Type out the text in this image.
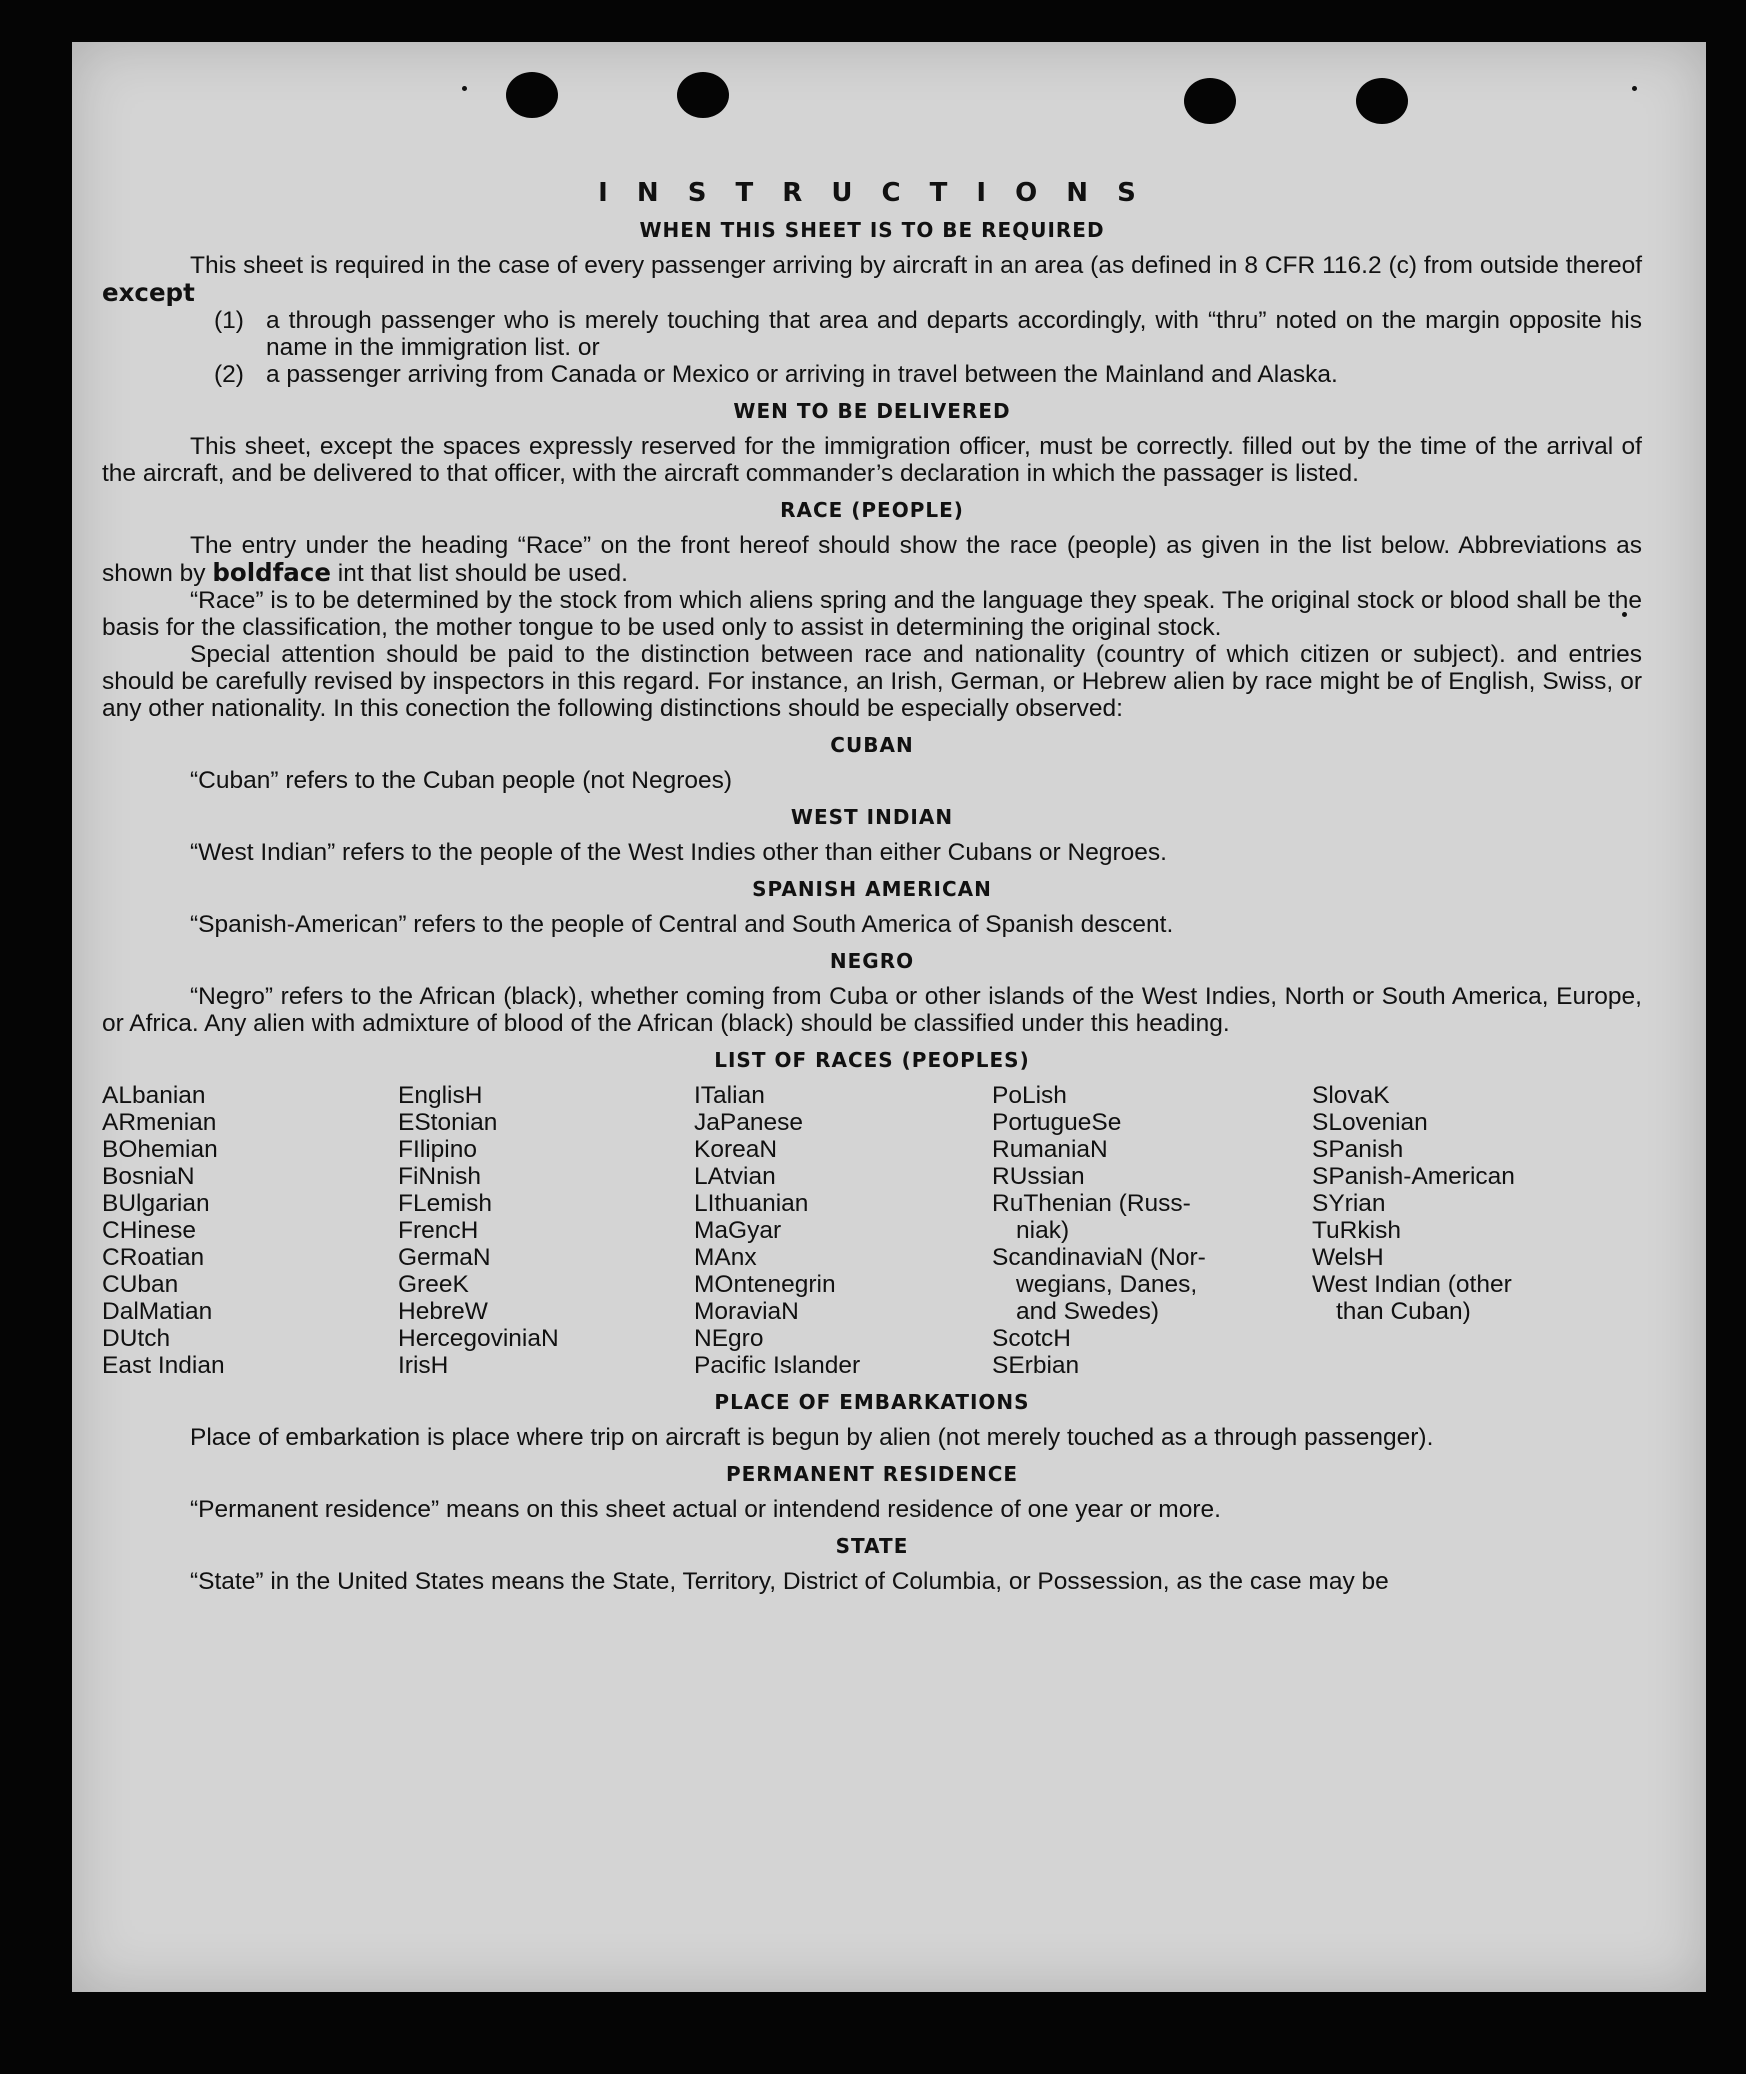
I N S T R U C T I O N S
WHEN THIS SHEET IS TO BE REQUIRED

This sheet is required in the case of every passenger arriving by aircraft in an area (as defined in 8 CFR 116.2 (c) from outside thereof except

(1) a through passenger who is merely touching that area and departs accordingly, with “thru” noted on the margin opposite his name in the immigration list. or
(2) a passenger arriving from Canada or Mexico or arriving in travel between the Mainland and Alaska.
WEN TO BE DELIVERED

This sheet, except the spaces expressly reserved for the immigration officer, must be correctly. filled out by the time of the arrival of the aircraft, and be delivered to that officer, with the aircraft commander’s declaration in which the passager is listed.

RACE (PEOPLE)

The entry under the heading “Race” on the front hereof should show the race (people) as given in the list below. Abbreviations as shown by boldface int that list should be used.

“Race” is to be determined by the stock from which aliens spring and the language they speak. The original stock or blood shall be the basis for the classification, the mother tongue to be used only to assist in determining the original stock.

Special attention should be paid to the distinction between race and nationality (country of which citizen or subject). and entries should be carefully revised by inspectors in this regard. For instance, an Irish, German, or Hebrew alien by race might be of English, Swiss, or any other nationality. In this conection the following distinctions should be especially observed:

CUBAN

“Cuban” refers to the Cuban people (not Negroes)

WEST INDIAN

“West Indian” refers to the people of the West Indies other than either Cubans or Negroes.

SPANISH AMERICAN

“Spanish-American” refers to the people of Central and South America of Spanish descent.

NEGRO

“Negro” refers to the African (black), whether coming from Cuba or other islands of the West Indies, North or South America, Europe, or Africa. Any alien with admixture of blood of the African (black) should be classified under this heading.

LIST OF RACES (PEOPLES)
ALbanian
ARmenian
BOhemian
BosniaN
BUlgarian
CHinese
CRoatian
CUban
DalMatian
DUtch
East Indian
EnglisH
EStonian
FIlipino
FiNnish
FLemish
FrencH
GermaN
GreeK
HebreW
HercegoviniaN
IrisH
ITalian
JaPanese
KoreaN
LAtvian
LIthuanian
MaGyar
MAnx
MOntenegrin
MoraviaN
NEgro
Pacific Islander
PoLish
PortugueSe
RumaniaN
RUssian
RuThenian (Russ-
niak)
ScandinaviaN (Nor-
wegians, Danes,
and Swedes)
ScotcH
SErbian
SlovaK
SLovenian
SPanish
SPanish-American
SYrian
TuRkish
WelsH
West Indian (other
than Cuban)
PLACE OF EMBARKATIONS

Place of embarkation is place where trip on aircraft is begun by alien (not merely touched as a through passenger).

PERMANENT RESIDENCE

“Permanent residence” means on this sheet actual or intendend residence of one year or more.

STATE

“State” in the United States means the State, Territory, District of Columbia, or Possession, as the case may be
